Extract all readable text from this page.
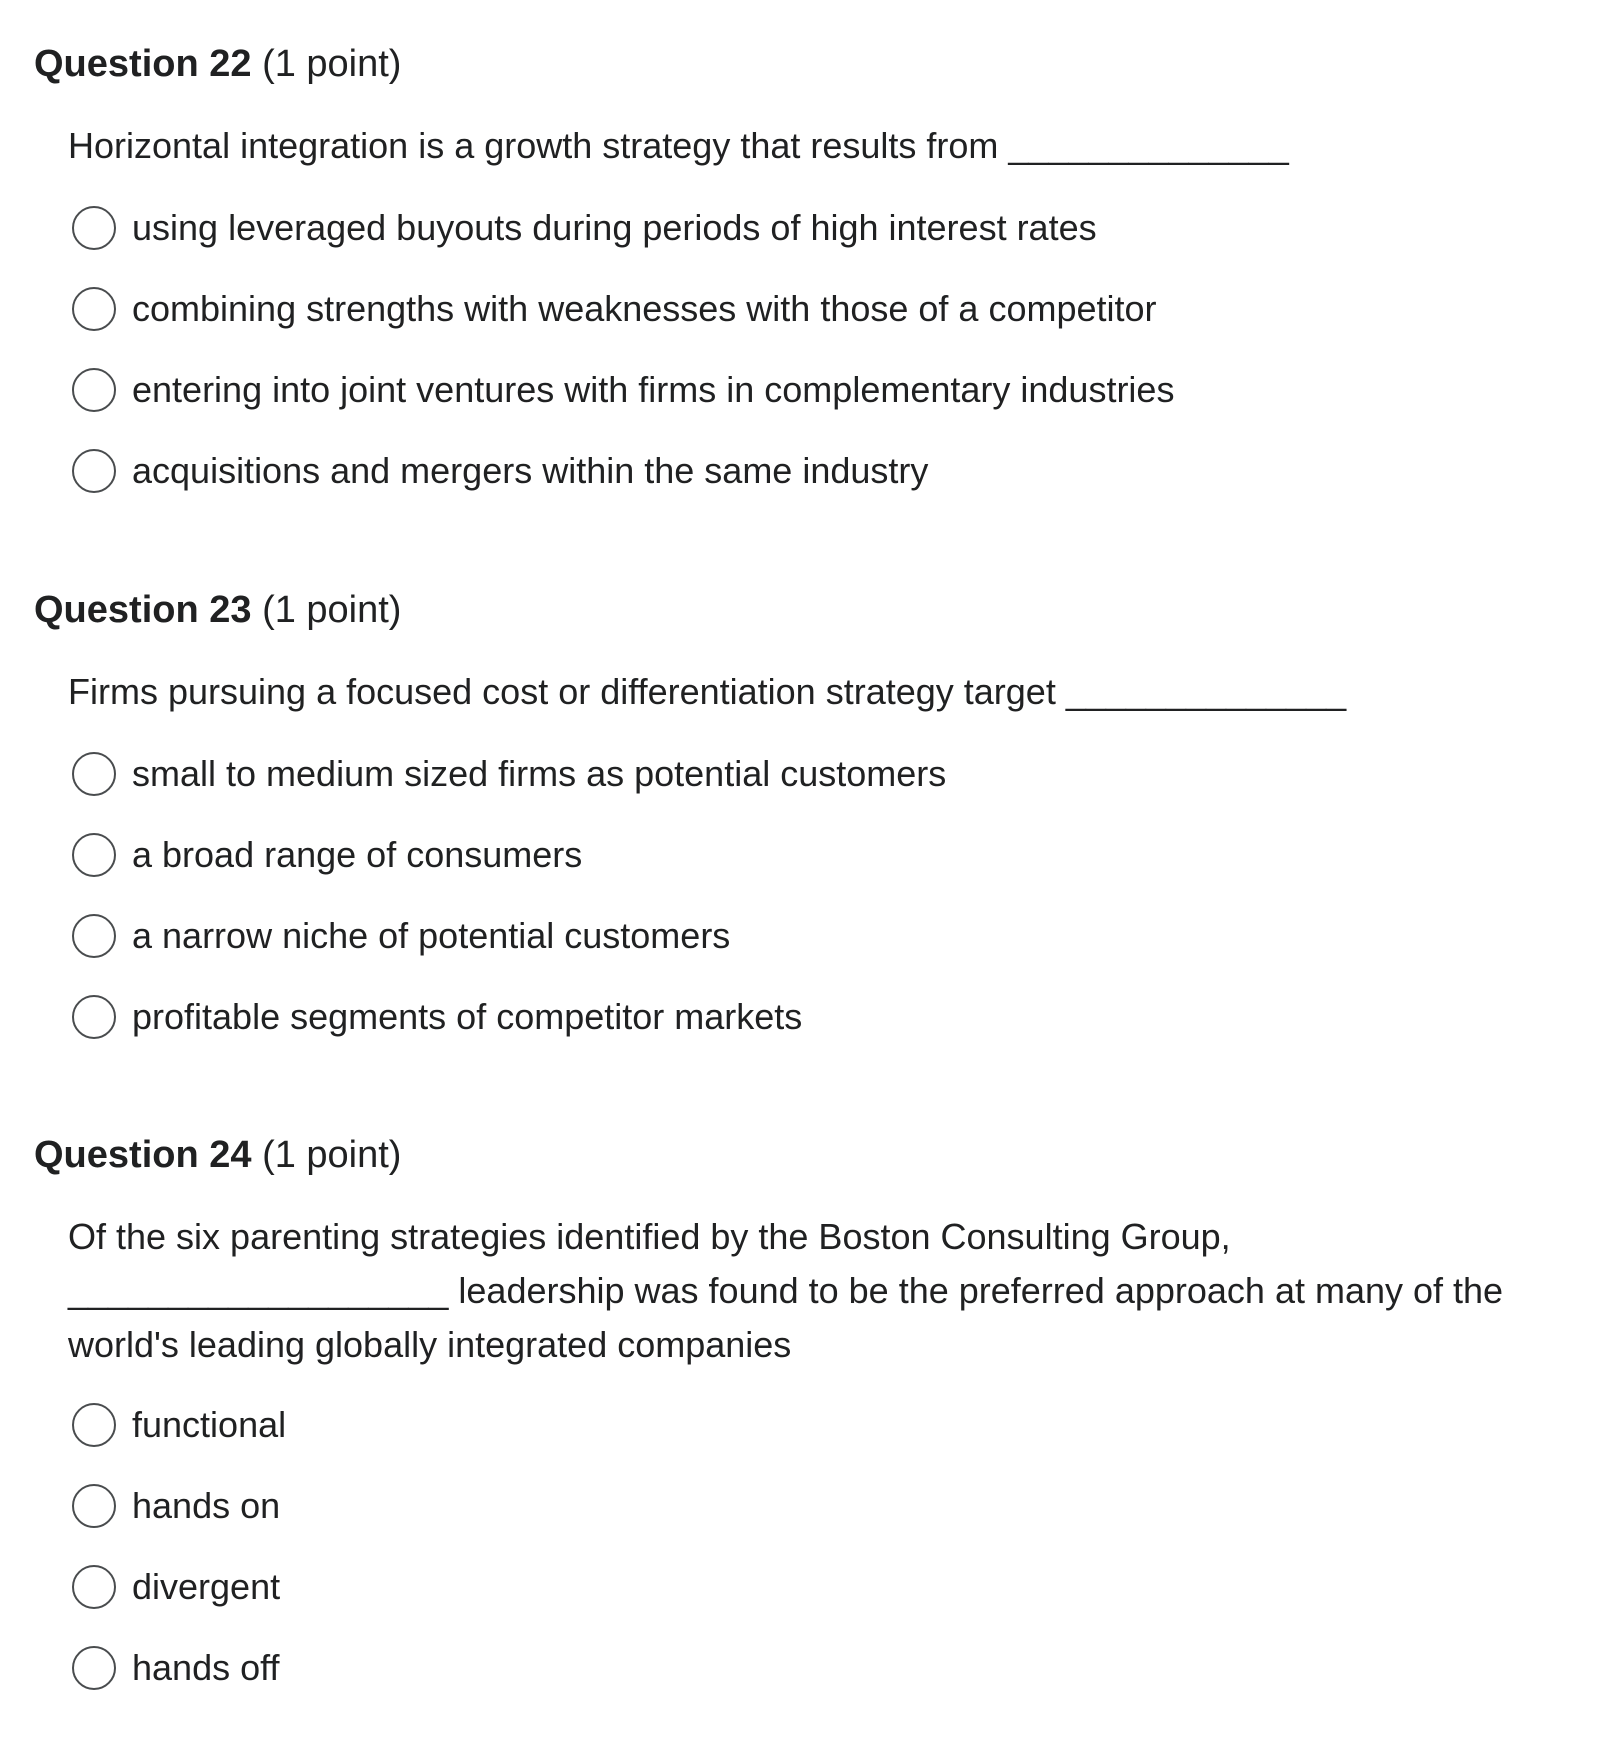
Question 22 (1 point)

Horizontal integration is a growth strategy that results from ______________

using leveraged buyouts during periods of high interest rates
combining strengths with weaknesses with those of a competitor
entering into joint ventures with firms in complementary industries
acquisitions and mergers within the same industry
Question 23 (1 point)

Firms pursuing a focused cost or differentiation strategy target ______________

small to medium sized firms as potential customers
a broad range of consumers
a narrow niche of potential customers
profitable segments of competitor markets
Question 24 (1 point)

Of the six parenting strategies identified by the Boston Consulting Group, ___________________ leadership was found to be the preferred approach at many of the world's leading globally integrated companies

functional
hands on
divergent
hands off
